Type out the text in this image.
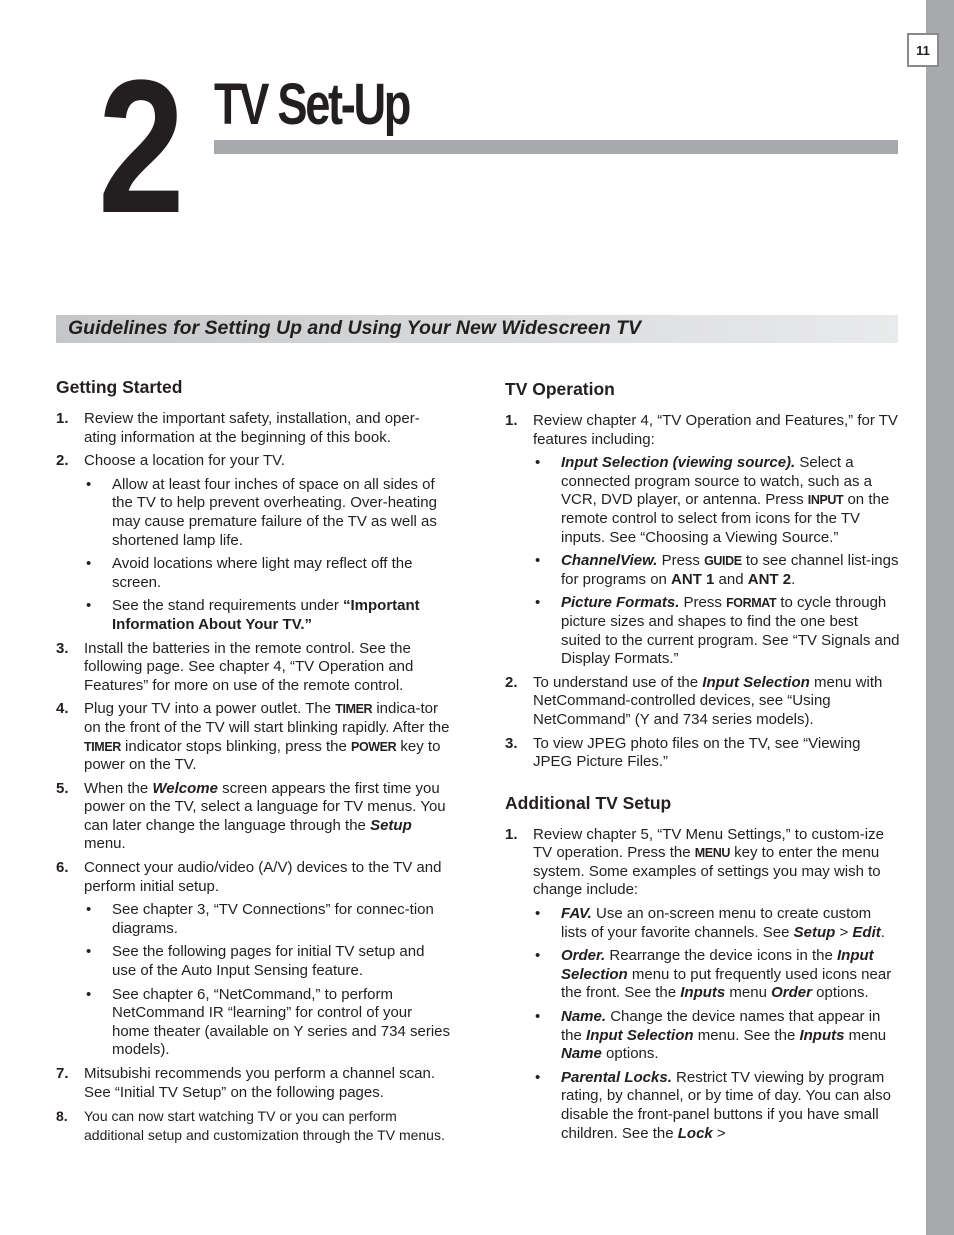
11
2 TV Set-Up
Guidelines for Setting Up and Using Your New Widescreen TV
Getting Started
1. Review the important safety, installation, and oper-ating information at the beginning of this book.
2. Choose a location for your TV.
• Allow at least four inches of space on all sides of the TV to help prevent overheating. Over-heating may cause premature failure of the TV as well as shortened lamp life.
• Avoid locations where light may reflect off the screen.
• See the stand requirements under “Important Information About Your TV.”
3. Install the batteries in the remote control. See the following page. See chapter 4, “TV Operation and Features” for more on use of the remote control.
4. Plug your TV into a power outlet. The TIMER indica-tor on the front of the TV will start blinking rapidly. After the TIMER indicator stops blinking, press the POWER key to power on the TV.
5. When the Welcome screen appears the first time you power on the TV, select a language for TV menus. You can later change the language through the Setup menu.
6. Connect your audio/video (A/V) devices to the TV and perform initial setup.
• See chapter 3, “TV Connections” for connec-tion diagrams.
• See the following pages for initial TV setup and use of the Auto Input Sensing feature.
• See chapter 6, “NetCommand,” to perform NetCommand IR “learning” for control of your home theater (available on Y series and 734 series models).
7. Mitsubishi recommends you perform a channel scan. See “Initial TV Setup” on the following pages.
8. You can now start watching TV or you can perform additional setup and customization through the TV menus.
TV Operation
1. Review chapter 4, “TV Operation and Features,” for TV features including:
• Input Selection (viewing source). Select a connected program source to watch, such as a VCR, DVD player, or antenna. Press INPUT on the remote control to select from icons for the TV inputs. See “Choosing a Viewing Source.”
• ChannelView. Press GUIDE to see channel list-ings for programs on ANT 1 and ANT 2.
• Picture Formats. Press FORMAT to cycle through picture sizes and shapes to find the one best suited to the current program. See “TV Signals and Display Formats.”
2. To understand use of the Input Selection menu with NetCommand-controlled devices, see “Using NetCommand” (Y and 734 series models).
3. To view JPEG photo files on the TV, see “Viewing JPEG Picture Files.”
Additional TV Setup
1. Review chapter 5, “TV Menu Settings,” to custom-ize TV operation. Press the MENU key to enter the menu system. Some examples of settings you may wish to change include:
• FAV. Use an on-screen menu to create custom lists of your favorite channels. See Setup > Edit.
• Order. Rearrange the device icons in the Input Selection menu to put frequently used icons near the front. See the Inputs menu Order options.
• Name. Change the device names that appear in the Input Selection menu. See the Inputs menu Name options.
• Parental Locks. Restrict TV viewing by program rating, by channel, or by time of day. You can also disable the front-panel buttons if you have small children. See the Lock >
